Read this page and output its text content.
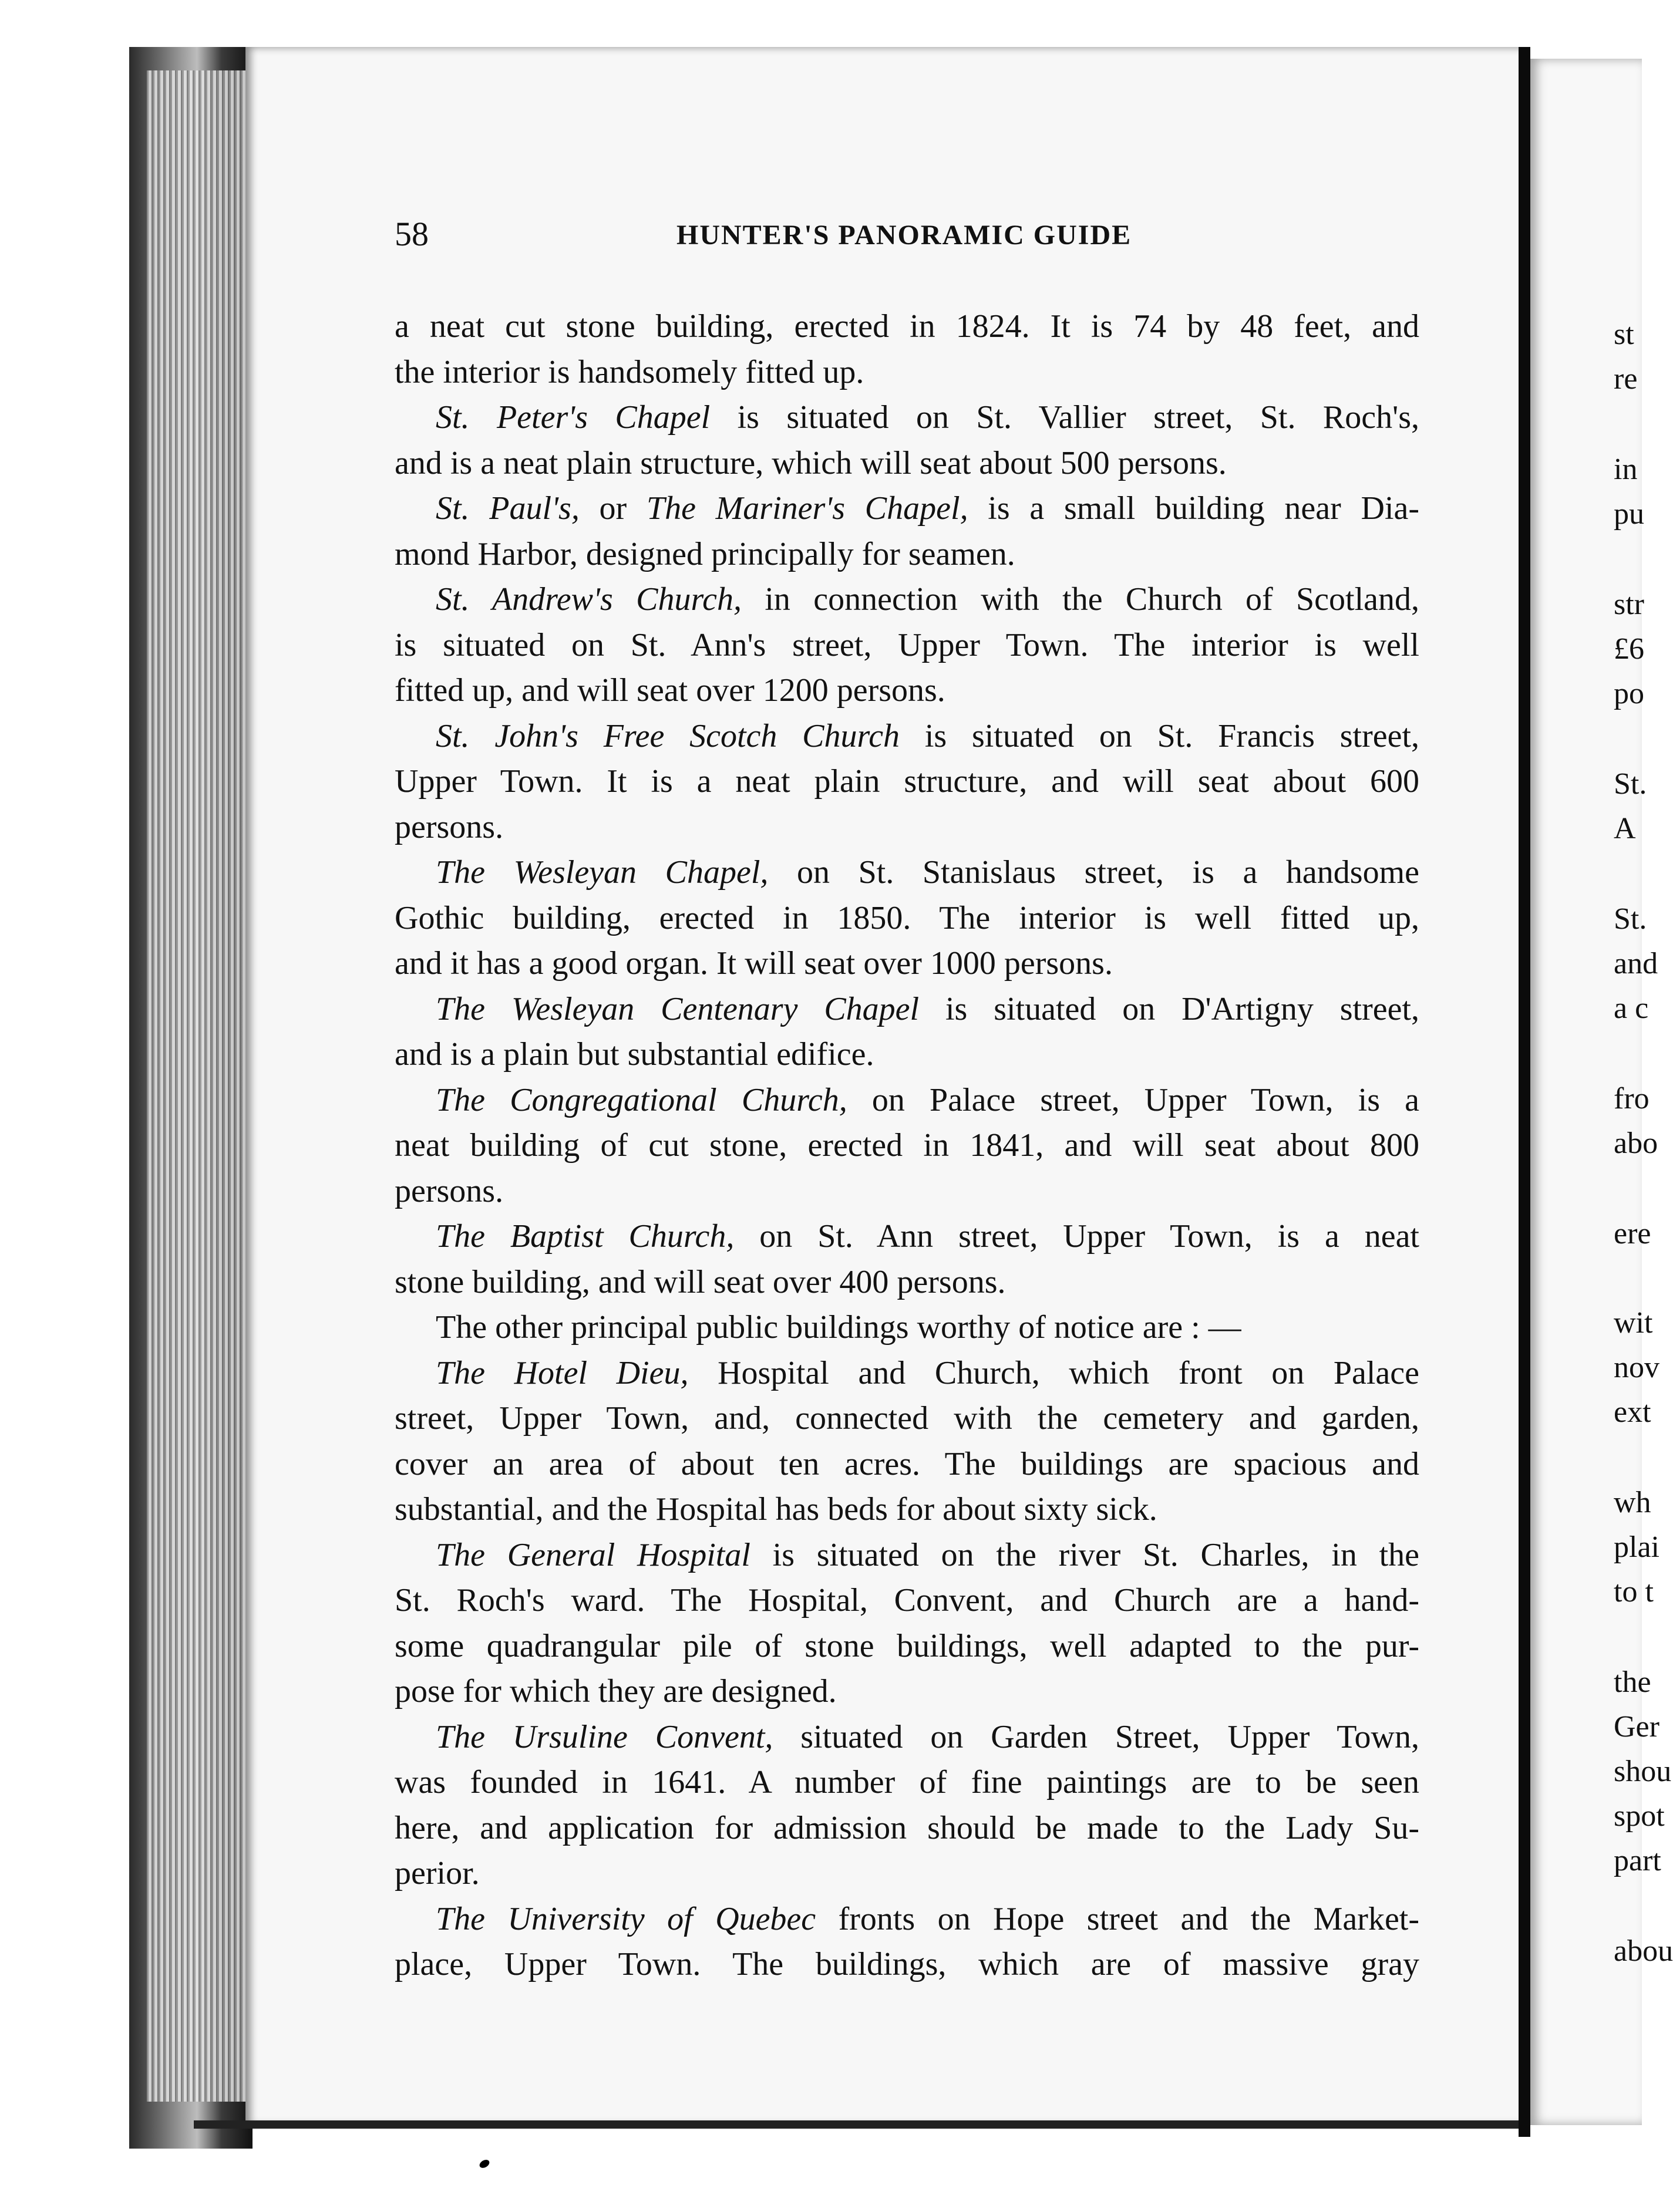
st
re
in
pu
str
£6
po
St.
A
St.
and
a c
fro
abo
ere
wit
nov
ext
wh
plai
to t
the
Ger
shou
spot
part
abou
58	HUNTER'S PANORAMIC GUIDE
a neat cut stone building, erected in 1824. It is 74 by 48 feet, and
the interior is handsomely fitted up.
St. Peter's Chapel is situated on St. Vallier street, St. Roch's,
and is a neat plain structure, which will seat about 500 persons.
St. Paul's, or The Mariner's Chapel, is a small building near Dia-
mond Harbor, designed principally for seamen.
St. Andrew's Church, in connection with the Church of Scotland,
is situated on St. Ann's street, Upper Town. The interior is well
fitted up, and will seat over 1200 persons.
St. John's Free Scotch Church is situated on St. Francis street,
Upper Town. It is a neat plain structure, and will seat about 600
persons.
The Wesleyan Chapel, on St. Stanislaus street, is a handsome
Gothic building, erected in 1850. The interior is well fitted up,
and it has a good organ. It will seat over 1000 persons.
The Wesleyan Centenary Chapel is situated on D'Artigny street,
and is a plain but substantial edifice.
The Congregational Church, on Palace street, Upper Town, is a
neat building of cut stone, erected in 1841, and will seat about 800
persons.
The Baptist Church, on St. Ann street, Upper Town, is a neat
stone building, and will seat over 400 persons.
The other principal public buildings worthy of notice are : —
The Hotel Dieu, Hospital and Church, which front on Palace
street, Upper Town, and, connected with the cemetery and garden,
cover an area of about ten acres. The buildings are spacious and
substantial, and the Hospital has beds for about sixty sick.
The General Hospital is situated on the river St. Charles, in the
St. Roch's ward. The Hospital, Convent, and Church are a hand-
some quadrangular pile of stone buildings, well adapted to the pur-
pose for which they are designed.
The Ursuline Convent, situated on Garden Street, Upper Town,
was founded in 1641. A number of fine paintings are to be seen
here, and application for admission should be made to the Lady Su-
perior.
The University of Quebec fronts on Hope street and the Market-
place, Upper Town. The buildings, which are of massive gray
